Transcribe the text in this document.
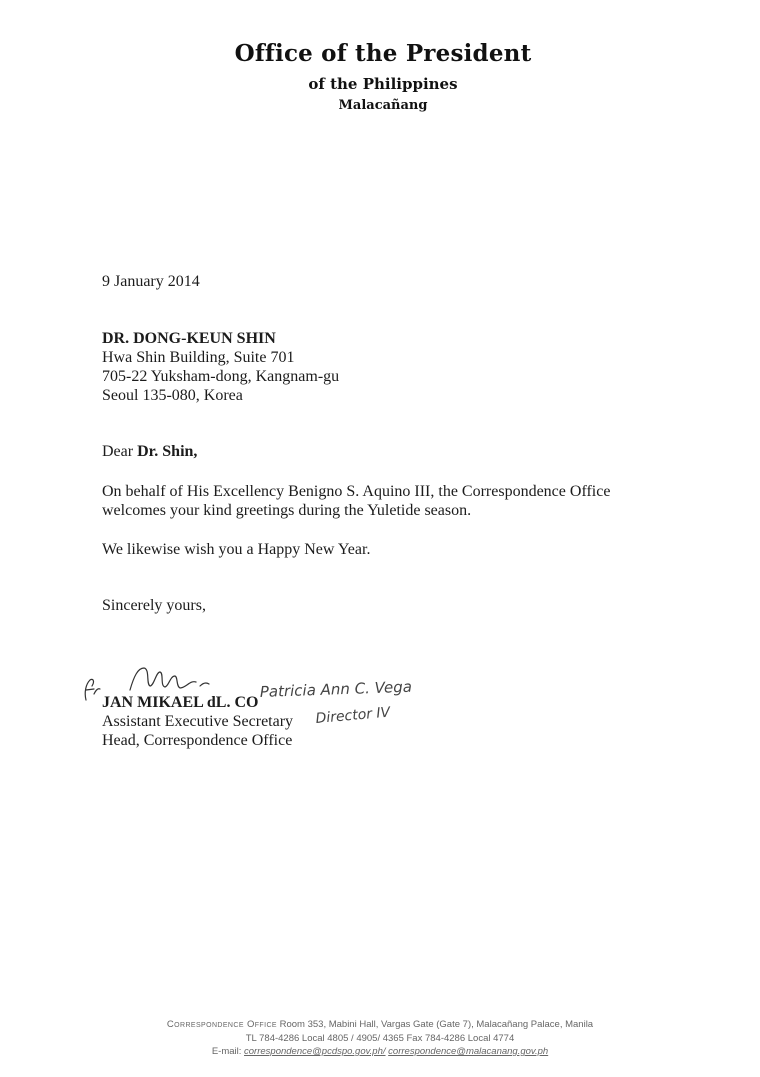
Office of the President
of the Philippines
Malacañang
9 January 2014
DR. DONG-KEUN SHIN
Hwa Shin Building, Suite 701
705-22 Yuksham-dong, Kangnam-gu
Seoul 135-080, Korea
Dear Dr. Shin,
On behalf of His Excellency Benigno S. Aquino III, the Correspondence Office
welcomes your kind greetings during the Yuletide season.
We likewise wish you a Happy New Year.
Sincerely yours,
JAN MIKAEL dL. CO
Assistant Executive Secretary
Head, Correspondence Office
Patricia Ann C. Vega
Director IV
Correspondence Office Room 353, Mabini Hall, Vargas Gate (Gate 7), Malacañang Palace, Manila
TL 784-4286 Local 4805 / 4905/ 4365 Fax 784-4286 Local 4774
E-mail: correspondence@pcdspo.gov.ph/ correspondence@malacanang.gov.ph
